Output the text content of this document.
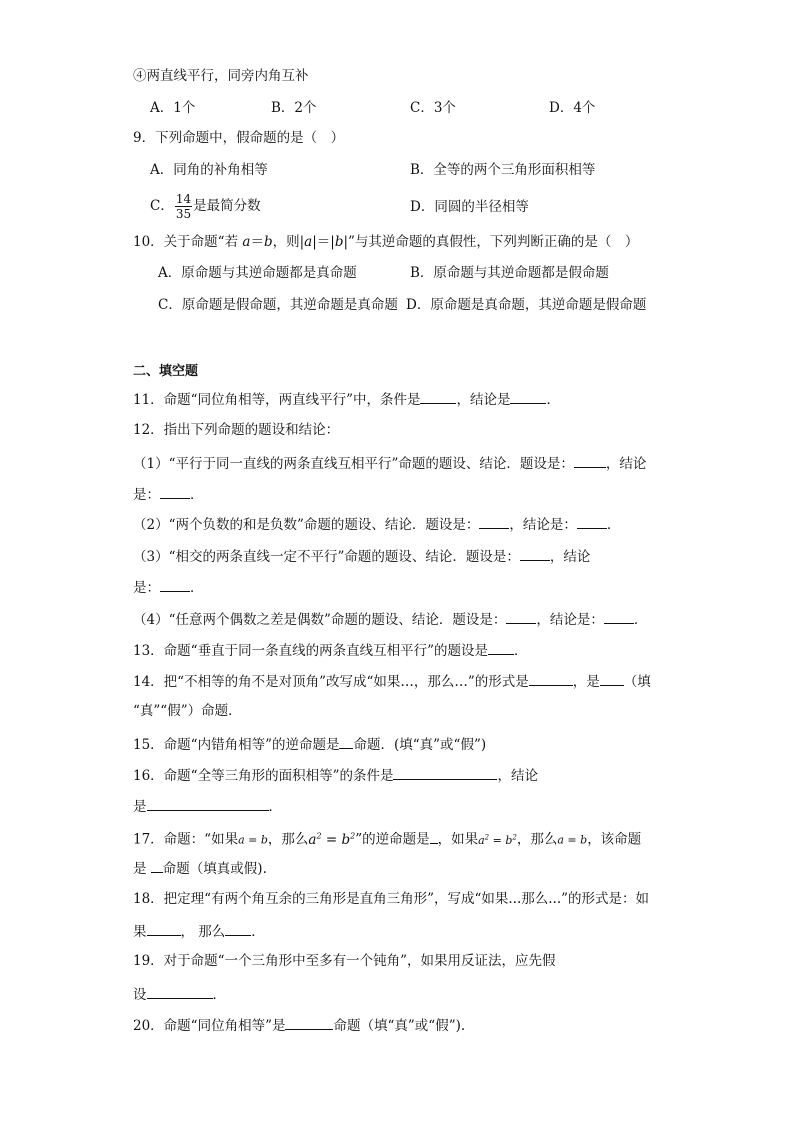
④两直线平行，同旁内角互补
A．1个	B．2个	C．3个	D．4个
9．下列命题中，假命题的是（　）
A．同角的补角相等	B．全等的两个三角形面积相等
C． $\frac{14}{35}$ 是最简分数	D．同圆的半径相等
10．关于命题“若 a＝b，则|a|＝|b|”与其逆命题的真假性，下列判断正确的是（　）
A．原命题与其逆命题都是真命题	B．原命题与其逆命题都是假命题
C．原命题是假命题，其逆命题是真命题 D．原命题是真命题，其逆命题是假命题
二、填空题
11．命题“同位角相等，两直线平行”中，条件是	，结论是	．
12．指出下列命题的题设和结论：
（1）“平行于同一直线的两条直线互相平行”命题的题设、结论．题设是： ，结论
是： ．
（2）“两个负数的和是负数”命题的题设、结论．题设是： ，结论是： ．
（3）“相交的两条直线一定不平行”命题的题设、结论．题设是： ，结论
是： ．
（4）“任意两个偶数之差是偶数”命题的题设、结论．题设是： ，结论是： ．
13．命题“垂直于同一条直线的两条直线互相平行”的题设是 ．
14．把“不相等的角不是对顶角”改写成“如果…，那么…”的形式是	，是 （填
“真”“假”）命题．
15．命题“内错角相等”的逆命题是 命题．(填“真”或“假”)
16．命题“全等三角形的面积相等”的条件是	，结论
是	．
17．命题：“如果a = b，那么$a^2 = b^2$”的逆命题是 ，如果$a^2 = b^2$，那么a = b，该命题
是 命题（填真或假).
18．把定理“有两个角互余的三角形是直角三角形”，写成“如果...那么...”的形式是：如
果	， 那么 ．
19．对于命题“一个三角形中至多有一个钝角”，如果用反证法，应先假
设	．
20．命题“同位角相等”是	命题（填“真”或“假”).
